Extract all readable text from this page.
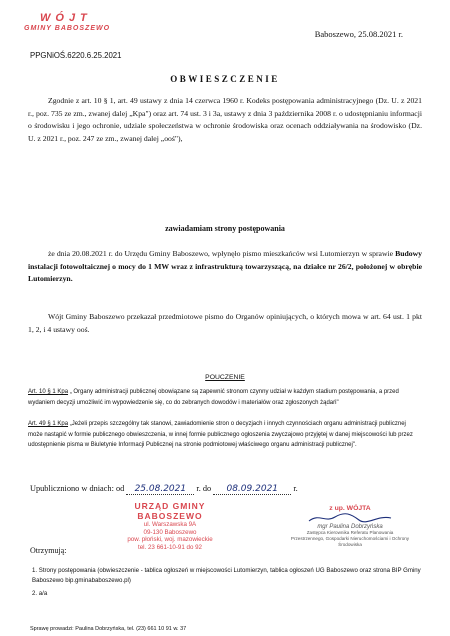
WÓJT
GMINY BABOSZEWO
Baboszewo, 25.08.2021 r.
PPGNiOŚ.6220.6.25.2021
OBWIESZCZENIE
Zgodnie z art. 10 § 1, art. 49 ustawy z dnia 14 czerwca 1960 r. Kodeks postępowania administracyjnego (Dz. U. z 2021 r., poz. 735 ze zm., zwanej dalej „Kpa") oraz art. 74 ust. 3 i 3a, ustawy z dnia 3 października 2008 r. o udostępnianiu informacji o środowisku i jego ochronie, udziale społeczeństwa w ochronie środowiska oraz ocenach oddziaływania na środowisko (Dz. U. z 2021 r., poz. 247 ze zm., zwanej dalej „ooś"),
zawiadamiam strony postępowania
że dnia 20.08.2021 r. do Urzędu Gminy Baboszewo, wpłynęło pismo mieszkańców wsi Lutomierzyn w sprawie Budowy instalacji fotowoltaicznej o mocy do 1 MW wraz z infrastrukturą towarzyszącą, na działce nr 26/2, położonej w obrębie Lutomierzyn.
Wójt Gminy Baboszewo przekazał przedmiotowe pismo do Organów opiniujących, o których mowa w art. 64 ust. 1 pkt 1, 2, i 4 ustawy ooś.
POUCZENIE
Art. 10 § 1 Kpa „ Organy administracji publicznej obowiązane są zapewnić stronom czynny udział w każdym stadium postępowania, a przed wydaniem decyzji umożliwić im wypowiedzenie się, co do zebranych dowodów i materiałów oraz zgłoszonych żądań"
Art. 49 § 1 Kpa „Jeżeli przepis szczególny tak stanowi, zawiadomienie stron o decyzjach i innych czynnościach organu administracji publicznej może nastąpić w formie publicznego obwieszczenia, w innej formie publicznego ogłoszenia zwyczajowo przyjętej w danej miejscowości lub przez udostępnienie pisma w Biuletynie Informacji Publicznej na stronie podmiotowej właściwego organu administracji publicznej".
Upubliczniono w dniach: od 25.08.2021 r. do 08.09.2021 r.
URZĄD GMINY
BABOSZEWO
ul. Warszawska 9A
09-130 Baboszewo
pow. płoński, woj. mazowieckie
tel. 23 661-10-91 do 92
z up. WÓJTA
mgr Paulina Dobrzyńska
Zastępca Kierownika Referatu Planowania Przestrzennego, Gospodarki Nieruchomościami i Ochrony Środowiska
Otrzymują:
1. Strony postępowania (obwieszczenie - tablica ogłoszeń w miejscowości Lutomierzyn, tablica ogłoszeń UG Baboszewo oraz strona BIP Gminy Baboszewo bip.gminababoszewo.pl)
2. a/a
Sprawę prowadzi: Paulina Dobrzyńska, tel. (23) 661 10 91 w. 37
